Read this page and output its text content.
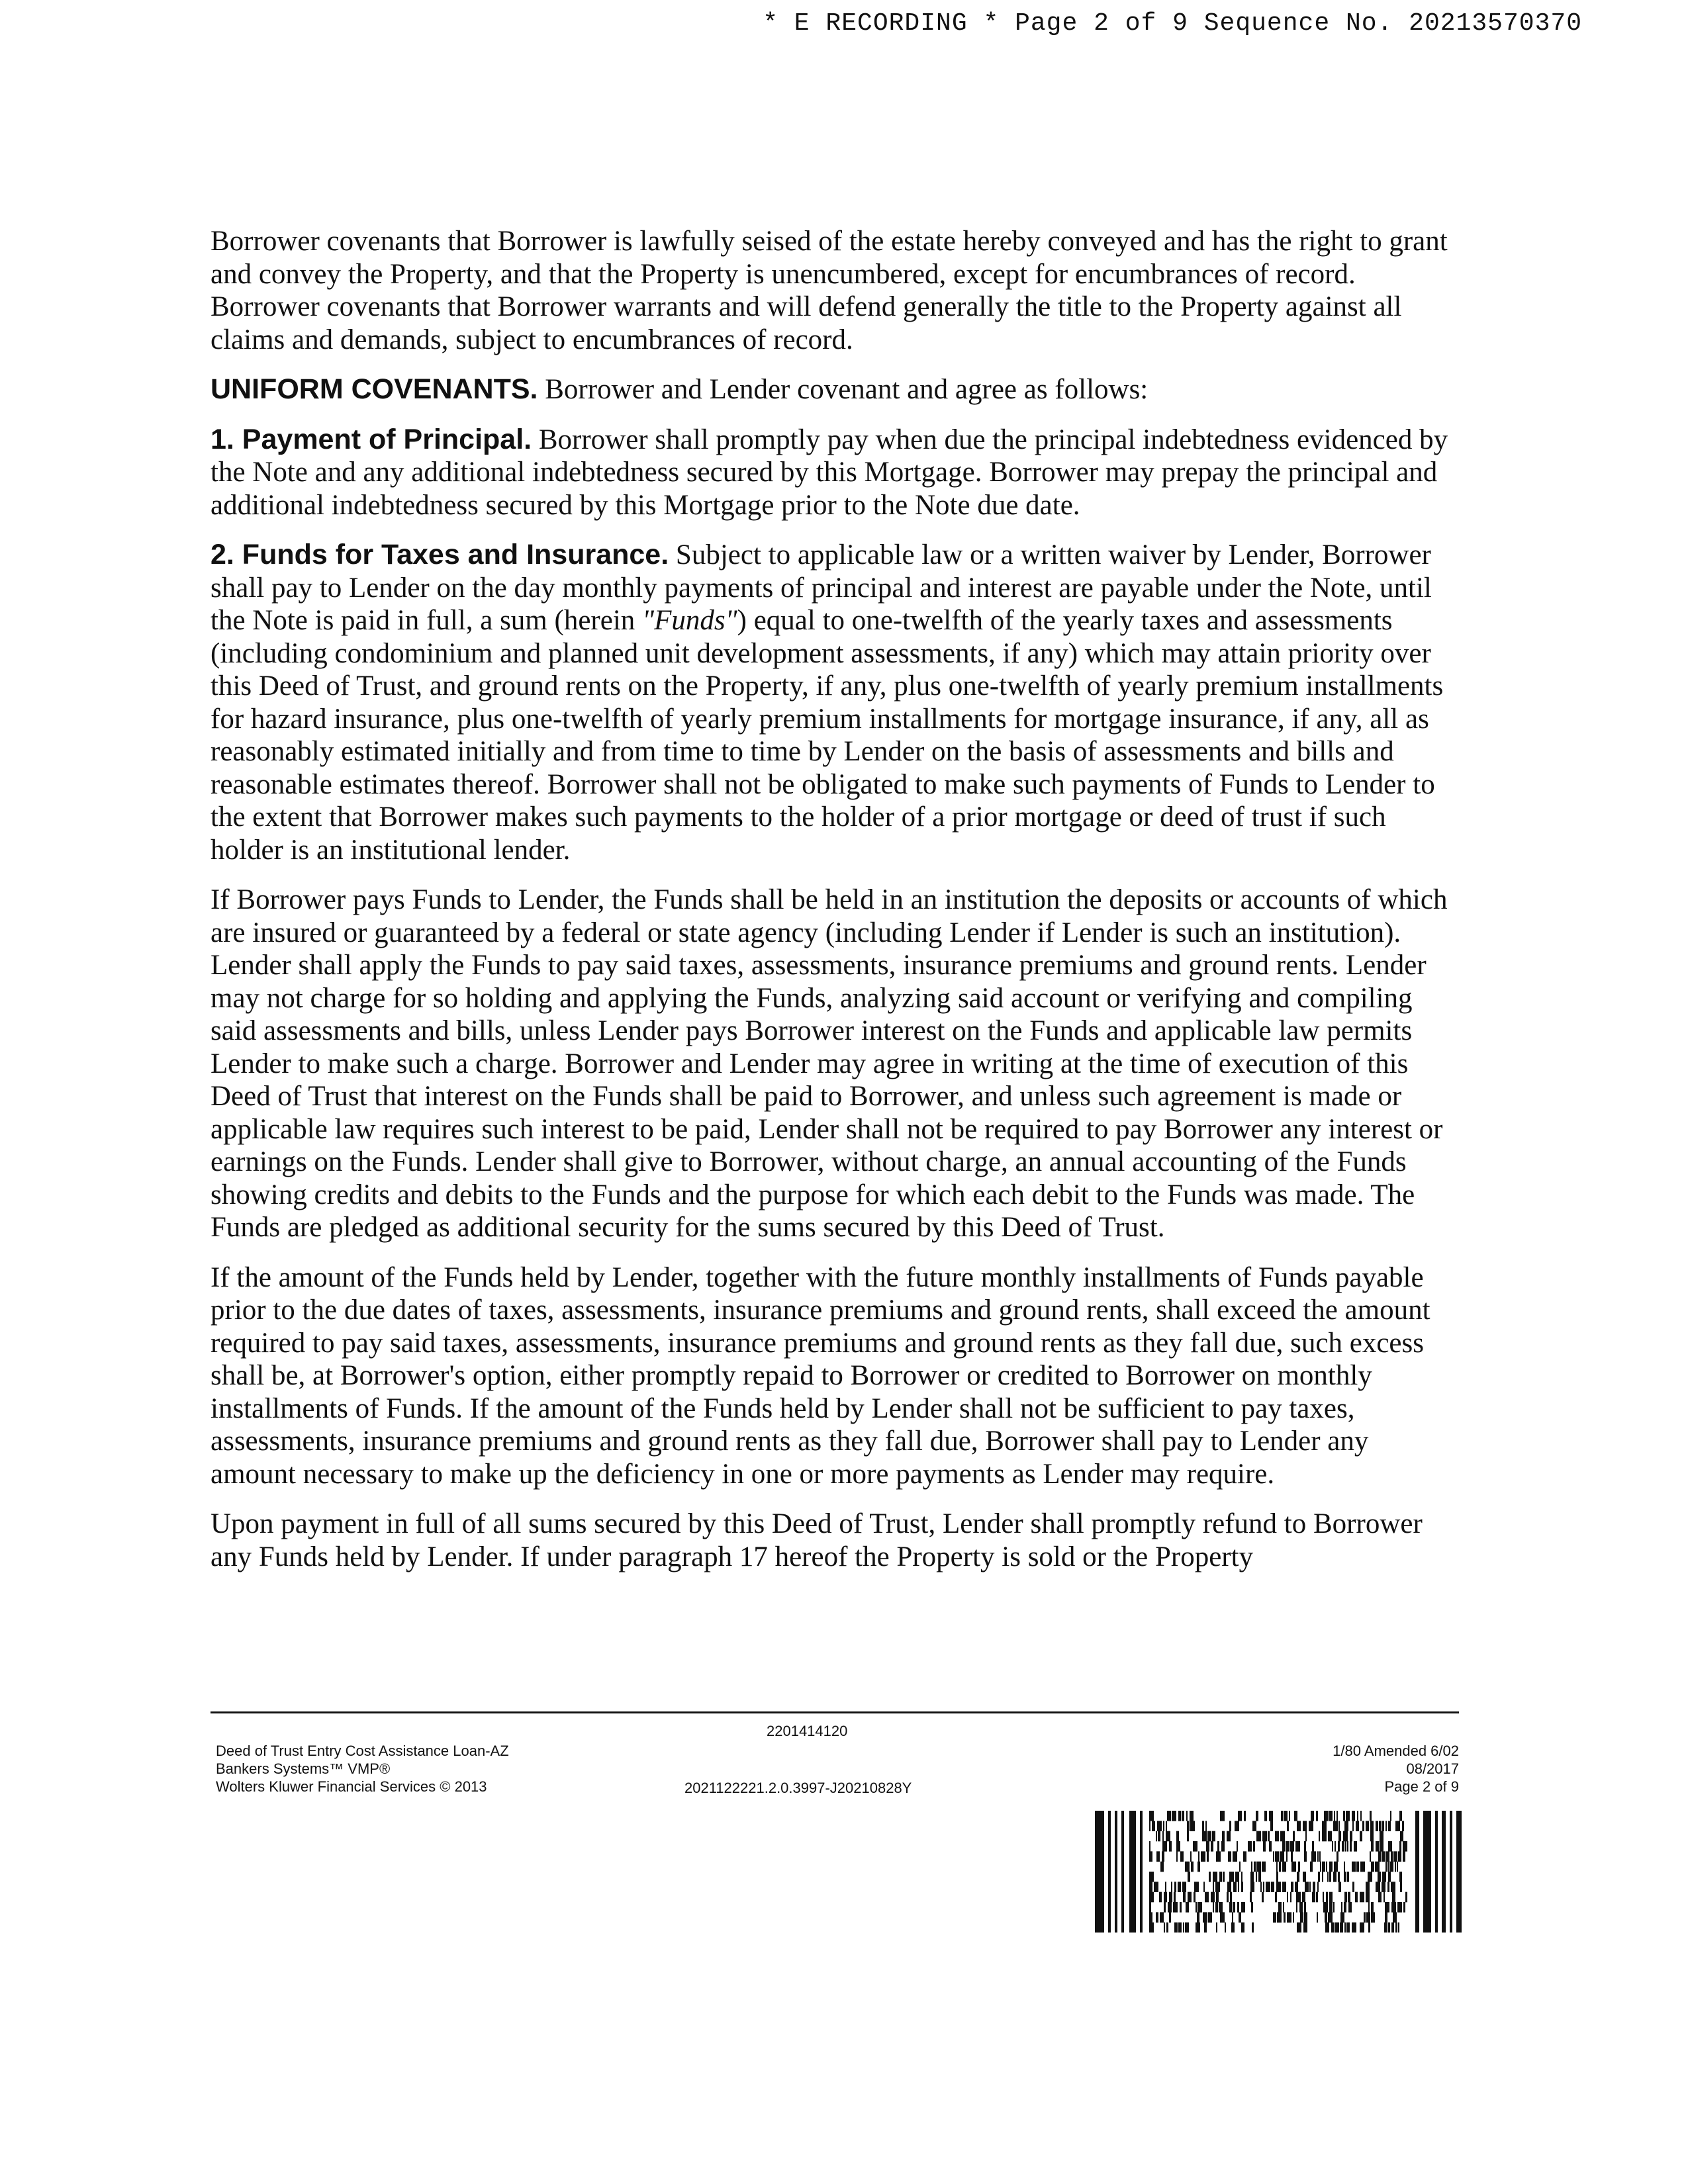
* E RECORDING * Page 2 of 9 Sequence No. 20213570370

Borrower covenants that Borrower is lawfully seised of the estate hereby conveyed and has the right to grant and convey the Property, and that the Property is unencumbered, except for encumbrances of record. Borrower covenants that Borrower warrants and will defend generally the title to the Property against all claims and demands, subject to encumbrances of record.

UNIFORM COVENANTS. Borrower and Lender covenant and agree as follows:

1. Payment of Principal. Borrower shall promptly pay when due the principal indebtedness evidenced by the Note and any additional indebtedness secured by this Mortgage. Borrower may prepay the principal and additional indebtedness secured by this Mortgage prior to the Note due date.

2. Funds for Taxes and Insurance. Subject to applicable law or a written waiver by Lender, Borrower shall pay to Lender on the day monthly payments of principal and interest are payable under the Note, until the Note is paid in full, a sum (herein "Funds") equal to one-twelfth of the yearly taxes and assessments (including condominium and planned unit development assessments, if any) which may attain priority over this Deed of Trust, and ground rents on the Property, if any, plus one-twelfth of yearly premium installments for hazard insurance, plus one-twelfth of yearly premium installments for mortgage insurance, if any, all as reasonably estimated initially and from time to time by Lender on the basis of assessments and bills and reasonable estimates thereof. Borrower shall not be obligated to make such payments of Funds to Lender to the extent that Borrower makes such payments to the holder of a prior mortgage or deed of trust if such holder is an institutional lender.

If Borrower pays Funds to Lender, the Funds shall be held in an institution the deposits or accounts of which are insured or guaranteed by a federal or state agency (including Lender if Lender is such an institution). Lender shall apply the Funds to pay said taxes, assessments, insurance premiums and ground rents. Lender may not charge for so holding and applying the Funds, analyzing said account or verifying and compiling said assessments and bills, unless Lender pays Borrower interest on the Funds and applicable law permits Lender to make such a charge. Borrower and Lender may agree in writing at the time of execution of this Deed of Trust that interest on the Funds shall be paid to Borrower, and unless such agreement is made or applicable law requires such interest to be paid, Lender shall not be required to pay Borrower any interest or earnings on the Funds. Lender shall give to Borrower, without charge, an annual accounting of the Funds showing credits and debits to the Funds and the purpose for which each debit to the Funds was made. The Funds are pledged as additional security for the sums secured by this Deed of Trust.

If the amount of the Funds held by Lender, together with the future monthly installments of Funds payable prior to the due dates of taxes, assessments, insurance premiums and ground rents, shall exceed the amount required to pay said taxes, assessments, insurance premiums and ground rents as they fall due, such excess shall be, at Borrower's option, either promptly repaid to Borrower or credited to Borrower on monthly installments of Funds. If the amount of the Funds held by Lender shall not be sufficient to pay taxes, assessments, insurance premiums and ground rents as they fall due, Borrower shall pay to Lender any amount necessary to make up the deficiency in one or more payments as Lender may require.

Upon payment in full of all sums secured by this Deed of Trust, Lender shall promptly refund to Borrower any Funds held by Lender. If under paragraph 17 hereof the Property is sold or the Property

Deed of Trust Entry Cost Assistance Loan-AZ
Bankers Systems™ VMP®
Wolters Kluwer Financial Services © 2013
2201414120
2021122221.2.0.3997-J20210828Y
1/80 Amended 6/02
08/2017
Page 2 of 9
